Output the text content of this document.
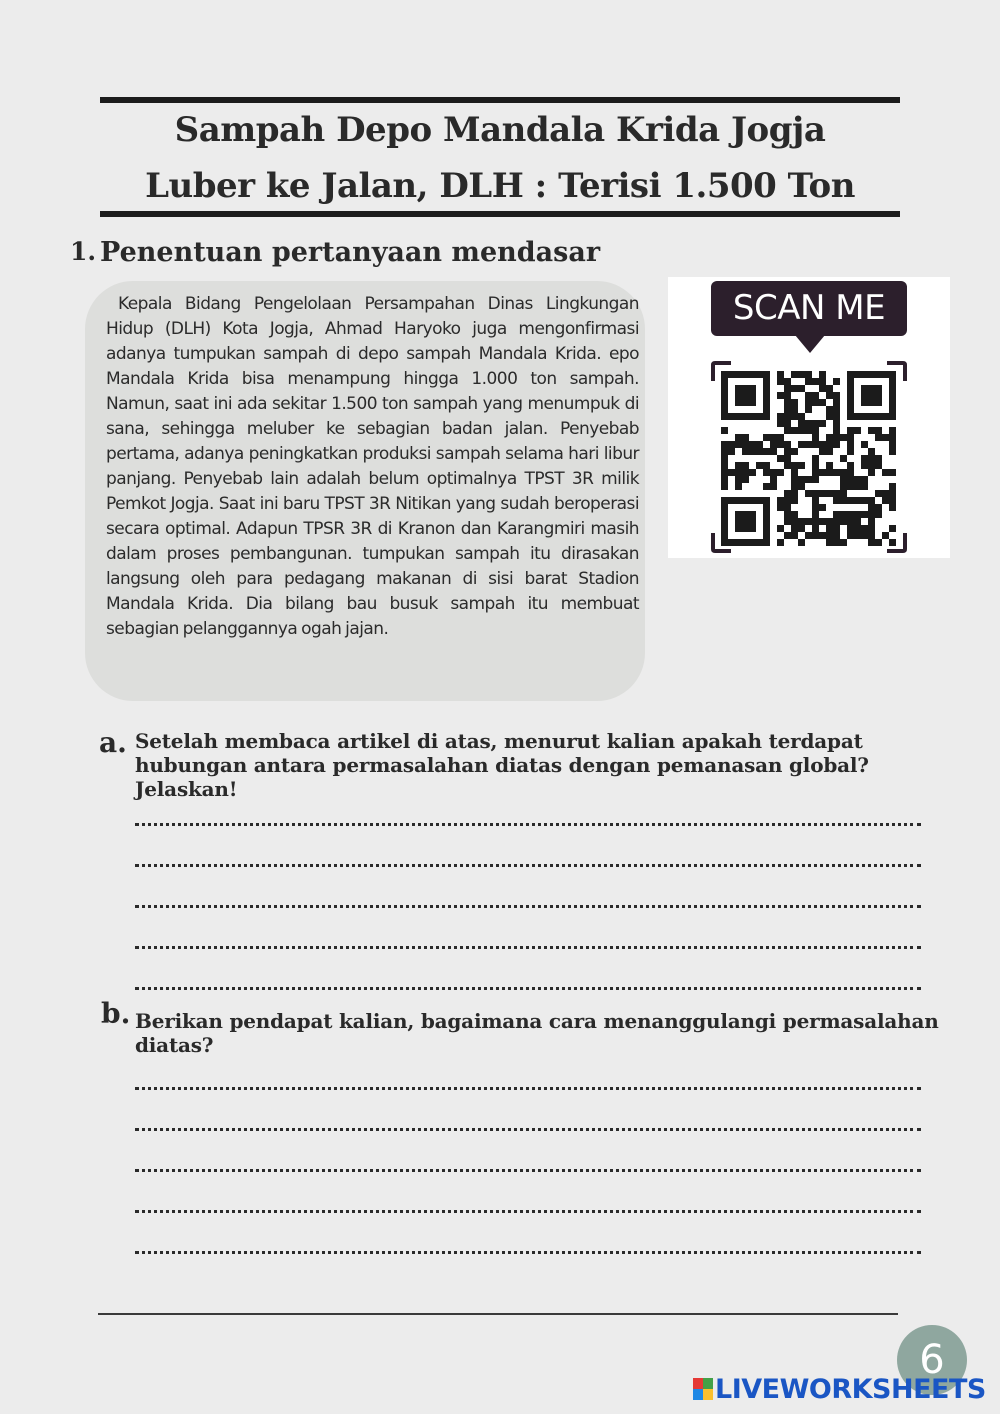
Sampah Depo Mandala Krida Jogja
Luber ke Jalan, DLH : Terisi 1.500 Ton
1. Penentuan pertanyaan mendasar

Kepala Bidang Pengelolaan Persampahan Dinas Lingkungan Hidup (DLH) Kota Jogja, Ahmad Haryoko juga mengonfirmasi adanya tumpukan sampah di depo sampah Mandala Krida. epo Mandala Krida bisa menampung hingga 1.000 ton sampah. Namun, saat ini ada sekitar 1.500 ton sampah yang menumpuk di sana, sehingga meluber ke sebagian badan jalan. Penyebab pertama, adanya peningkatkan produksi sampah selama hari libur panjang. Penyebab lain adalah belum optimalnya TPST 3R milik Pemkot Jogja. Saat ini baru TPST 3R Nitikan yang sudah beroperasi secara optimal. Adapun TPSR 3R di Kranon dan Karangmiri masih dalam proses pembangunan. tumpukan sampah itu dirasakan langsung oleh para pedagang makanan di sisi barat Stadion Mandala Krida. Dia bilang bau busuk sampah itu membuat sebagian pelanggannya ogah jajan.

SCAN ME
a. Setelah membaca artikel di atas, menurut kalian apakah terdapat hubungan antara permasalahan diatas dengan pemanasan global? Jelaskan!
b. Berikan pendapat kalian, bagaimana cara menanggulangi permasalahan diatas?
6
LIVEWORKSHEETS
